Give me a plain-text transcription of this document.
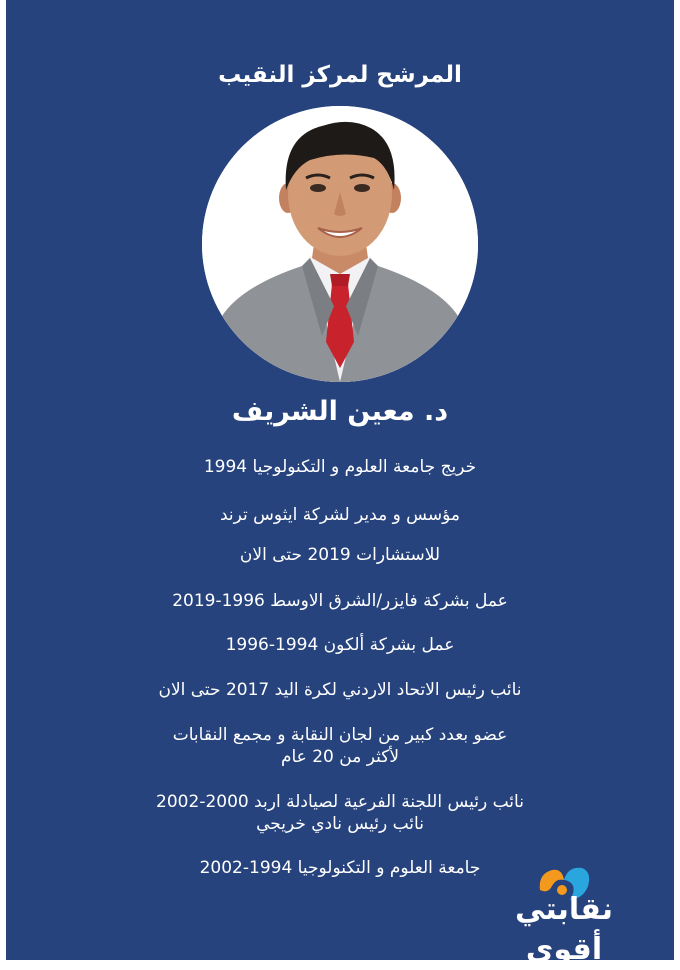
المرشح لمركز النقيب
د. معين الشريف
خريج جامعة العلوم و التكنولوجيا 1994
مؤسس و مدير لشركة ايثوس ترند
للاستشارات 2019 حتى الان
عمل بشركة فايزر/الشرق الاوسط 1996-2019
عمل بشركة ألكون 1994-1996
نائب رئيس الاتحاد الاردني لكرة اليد 2017 حتى الان
عضو بعدد كبير من لجان النقابة و مجمع النقابات
لأكثر من 20 عام
نائب رئيس اللجنة الفرعية لصيادلة اربد 2000-2002
نائب رئيس نادي خريجي
جامعة العلوم و التكنولوجيا 1994-2002
نقابتي أقوى
